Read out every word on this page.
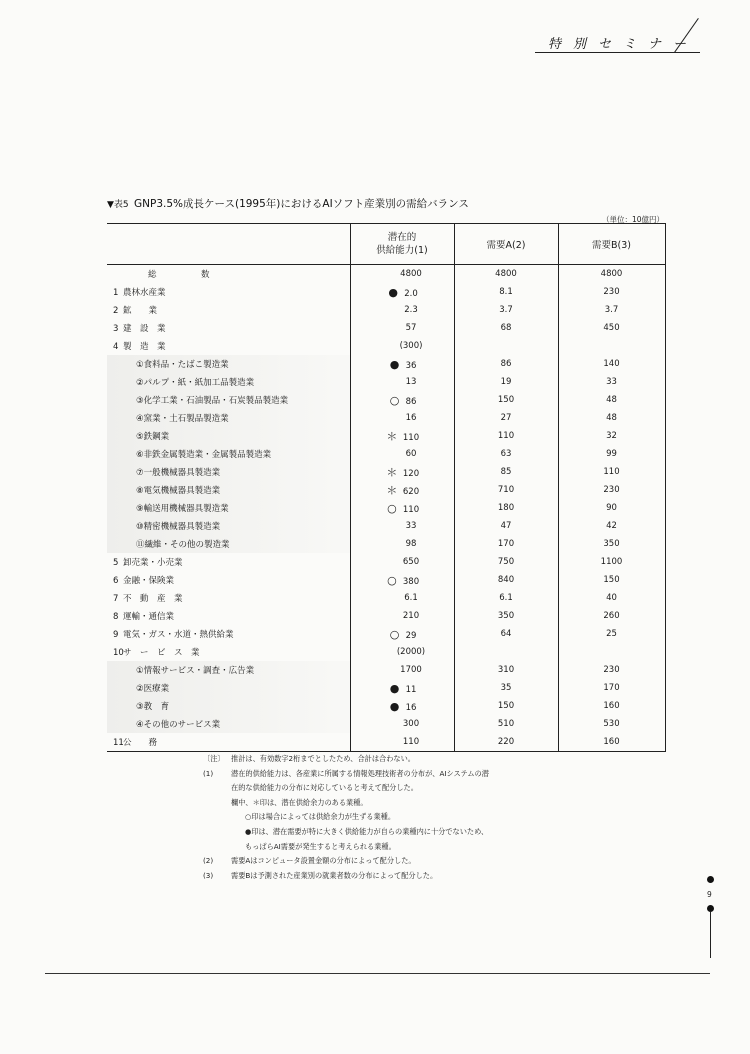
特別セミナー
▼表5 GNP3.5%成長ケース(1995年)におけるAIソフト産業別の需給バランス
（単位：10億円）
	潜在的
供給能力(1)	需要A(2)	需要B(3)
総　数	4800	4800	4800
1 農林水産業	● 2.0	8.1	230
2 鉱　　業	2.3	3.7	3.7
3 建　設　業	57	68	450
4 製　造　業	(300)		
①食料品・たばこ製造業	● 36	86	140
②パルプ・紙・紙加工品製造業	13	19	33
③化学工業・石油製品・石炭製品製造業	○ 86	150	48
④窯業・土石製品製造業	16	27	48
⑤鉄鋼業	＊ 110	110	32
⑥非鉄金属製造業・金属製品製造業	60	63	99
⑦一般機械器具製造業	＊ 120	85	110
⑧電気機械器具製造業	＊ 620	710	230
⑨輸送用機械器具製造業	○ 110	180	90
⑩精密機械器具製造業	33	47	42
⑪繊維・その他の製造業	98	170	350
5 卸売業・小売業	650	750	1100
6 金融・保険業	○ 380	840	150
7 不　動　産　業	6.1	6.1	40
8 運輸・通信業	210	350	260
9 電気・ガス・水道・熱供給業	○ 29	64	25
10サ　ー　ビ　ス　業	(2000)		
①情報サービス・調査・広告業	1700	310	230
②医療業	● 11	35	170
③教　育	● 16	150	160
④その他のサービス業	300	510	530
11公　　務	110	220	160
〔注〕 推計は、有効数字2桁までとしたため、合計は合わない。
(1) 潜在的供給能力は、各産業に所属する情報処理技術者の分布が、AIシステムの潜
在的な供給能力の分布に対応していると考えて配分した。
欄中、＊印は、潜在供給余力のある業種。
○印は場合によっては供給余力が生ずる業種。
●印は、潜在需要が特に大きく供給能力が自らの業種内に十分でないため、
もっぱらAI需要が発生すると考えられる業種。
(2) 需要Aはコンピュータ設置金額の分布によって配分した。
(3) 需要Bは予測された産業別の就業者数の分布によって配分した。
9
